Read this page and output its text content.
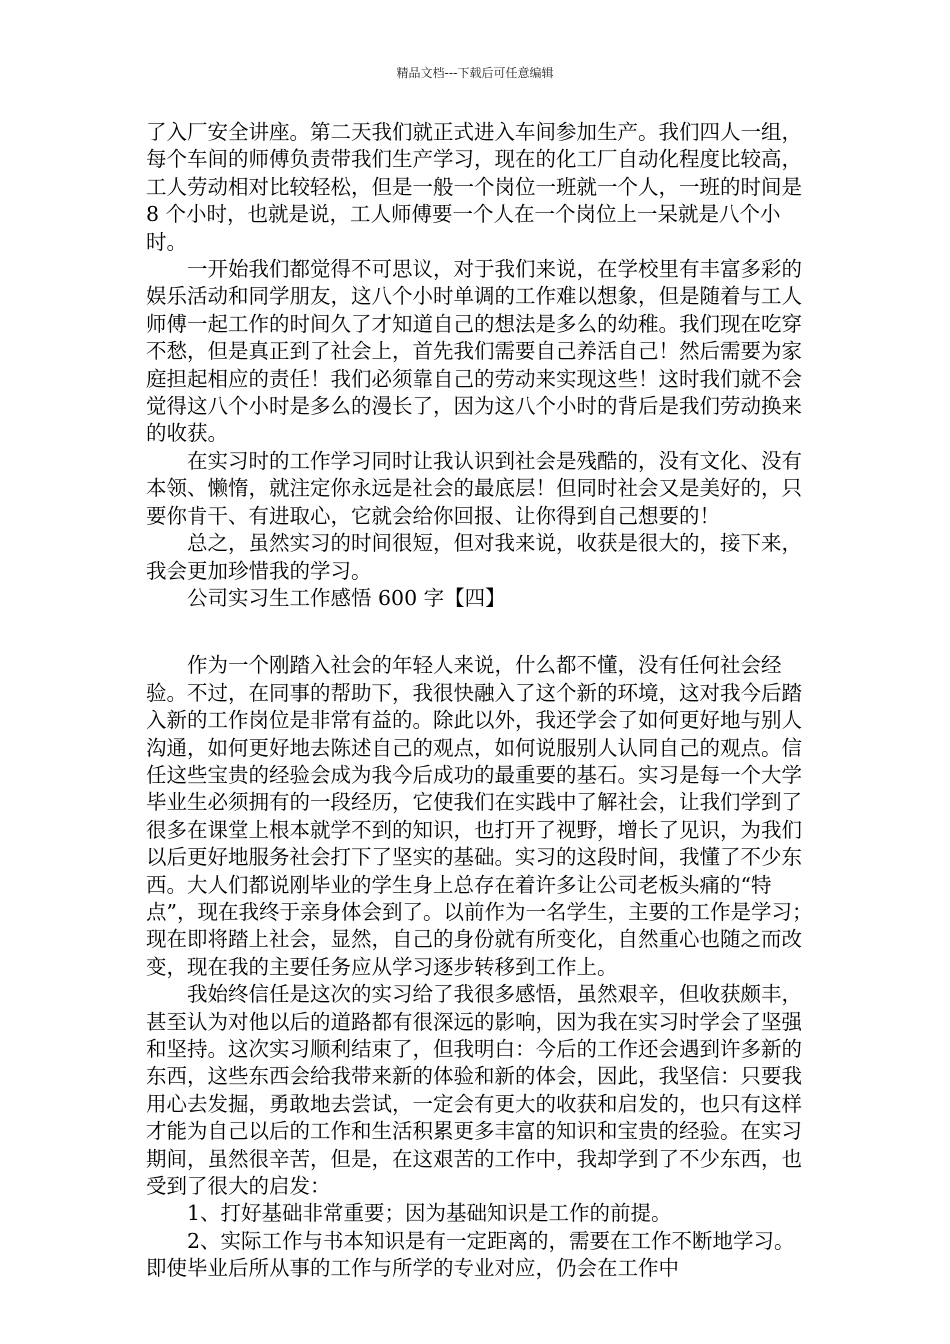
精品文档---下载后可任意编辑

了入厂安全讲座。第二天我们就正式进入车间参加生产。我们四人一组，每个车间的师傅负责带我们生产学习，现在的化工厂自动化程度比较高，工人劳动相对比较轻松，但是一般一个岗位一班就一个人，一班的时间是 8 个小时，也就是说，工人师傅要一个人在一个岗位上一呆就是八个小时。

一开始我们都觉得不可思议，对于我们来说，在学校里有丰富多彩的娱乐活动和同学朋友，这八个小时单调的工作难以想象，但是随着与工人师傅一起工作的时间久了才知道自己的想法是多么的幼稚。我们现在吃穿不愁，但是真正到了社会上，首先我们需要自己养活自己！然后需要为家庭担起相应的责任！我们必须靠自己的劳动来实现这些！这时我们就不会觉得这八个小时是多么的漫长了，因为这八个小时的背后是我们劳动换来的收获。

在实习时的工作学习同时让我认识到社会是残酷的，没有文化、没有本领、懒惰，就注定你永远是社会的最底层！但同时社会又是美好的，只要你肯干、有进取心，它就会给你回报、让你得到自己想要的！

总之，虽然实习的时间很短，但对我来说，收获是很大的，接下来，我会更加珍惜我的学习。

公司实习生工作感悟 600 字【四】

作为一个刚踏入社会的年轻人来说，什么都不懂，没有任何社会经验。不过，在同事的帮助下，我很快融入了这个新的环境，这对我今后踏入新的工作岗位是非常有益的。除此以外，我还学会了如何更好地与别人沟通，如何更好地去陈述自己的观点，如何说服别人认同自己的观点。信任这些宝贵的经验会成为我今后成功的最重要的基石。实习是每一个大学毕业生必须拥有的一段经历，它使我们在实践中了解社会，让我们学到了很多在课堂上根本就学不到的知识，也打开了视野，增长了见识，为我们以后更好地服务社会打下了坚实的基础。实习的这段时间，我懂了不少东西。大人们都说刚毕业的学生身上总存在着许多让公司老板头痛的“特点”，现在我终于亲身体会到了。以前作为一名学生，主要的工作是学习；现在即将踏上社会，显然，自己的身份就有所变化，自然重心也随之而改变，现在我的主要任务应从学习逐步转移到工作上。

我始终信任是这次的实习给了我很多感悟，虽然艰辛，但收获颇丰，甚至认为对他以后的道路都有很深远的影响，因为我在实习时学会了坚强和坚持。这次实习顺利结束了，但我明白：今后的工作还会遇到许多新的东西，这些东西会给我带来新的体验和新的体会，因此，我坚信：只要我用心去发掘，勇敢地去尝试，一定会有更大的收获和启发的，也只有这样才能为自己以后的工作和生活积累更多丰富的知识和宝贵的经验。在实习期间，虽然很辛苦，但是，在这艰苦的工作中，我却学到了不少东西，也受到了很大的启发：

1、打好基础非常重要；因为基础知识是工作的前提。

2、实际工作与书本知识是有一定距离的，需要在工作不断地学习。即使毕业后所从事的工作与所学的专业对应，仍会在工作中
